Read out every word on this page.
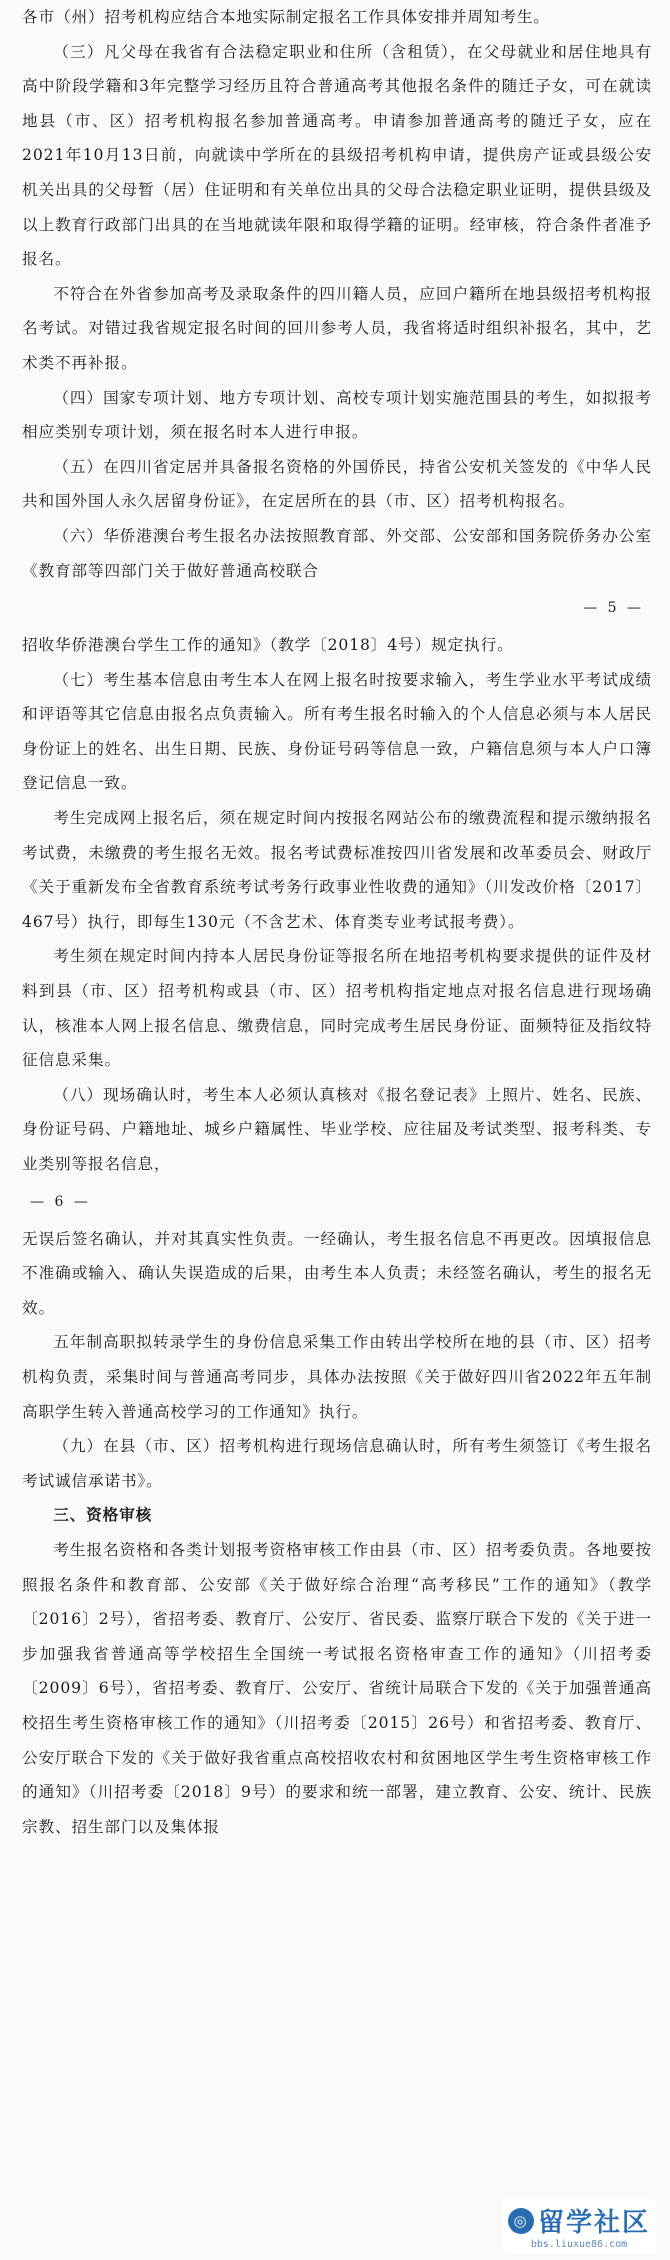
各市（州）招考机构应结合本地实际制定报名工作具体安排并周知考生。

（三）凡父母在我省有合法稳定职业和住所（含租赁），在父母就业和居住地具有高中阶段学籍和3年完整学习经历且符合普通高考其他报名条件的随迁子女，可在就读地县（市、区）招考机构报名参加普通高考。申请参加普通高考的随迁子女，应在2021年10月13日前，向就读中学所在的县级招考机构申请，提供房产证或县级公安机关出具的父母暂（居）住证明和有关单位出具的父母合法稳定职业证明，提供县级及以上教育行政部门出具的在当地就读年限和取得学籍的证明。经审核，符合条件者准予报名。

不符合在外省参加高考及录取条件的四川籍人员，应回户籍所在地县级招考机构报名考试。对错过我省规定报名时间的回川参考人员，我省将适时组织补报名，其中，艺术类不再补报。

（四）国家专项计划、地方专项计划、高校专项计划实施范围县的考生，如拟报考相应类别专项计划，须在报名时本人进行申报。

（五）在四川省定居并具备报名资格的外国侨民，持省公安机关签发的《中华人民共和国外国人永久居留身份证》，在定居所在的县（市、区）招考机构报名。

（六）华侨港澳台考生报名办法按照教育部、外交部、公安部和国务院侨务办公室《教育部等四部门关于做好普通高校联合

— 5 —

招收华侨港澳台学生工作的通知》（教学〔2018〕4号）规定执行。

（七）考生基本信息由考生本人在网上报名时按要求输入，考生学业水平考试成绩和评语等其它信息由报名点负责输入。所有考生报名时输入的个人信息必须与本人居民身份证上的姓名、出生日期、民族、身份证号码等信息一致，户籍信息须与本人户口簿登记信息一致。

考生完成网上报名后，须在规定时间内按报名网站公布的缴费流程和提示缴纳报名考试费，未缴费的考生报名无效。报名考试费标准按四川省发展和改革委员会、财政厅《关于重新发布全省教育系统考试考务行政事业性收费的通知》（川发改价格〔2017〕467号）执行，即每生130元（不含艺术、体育类专业考试报考费）。

考生须在规定时间内持本人居民身份证等报名所在地招考机构要求提供的证件及材料到县（市、区）招考机构或县（市、区）招考机构指定地点对报名信息进行现场确认，核准本人网上报名信息、缴费信息，同时完成考生居民身份证、面频特征及指纹特征信息采集。

（八）现场确认时，考生本人必须认真核对《报名登记表》上照片、姓名、民族、身份证号码、户籍地址、城乡户籍属性、毕业学校、应往届及考试类型、报考科类、专业类别等报名信息，

— 6 —

无误后签名确认，并对其真实性负责。一经确认，考生报名信息不再更改。因填报信息不准确或输入、确认失误造成的后果，由考生本人负责；未经签名确认，考生的报名无效。

五年制高职拟转录学生的身份信息采集工作由转出学校所在地的县（市、区）招考机构负责，采集时间与普通高考同步，具体办法按照《关于做好四川省2022年五年制高职学生转入普通高校学习的工作通知》执行。

（九）在县（市、区）招考机构进行现场信息确认时，所有考生须签订《考生报名考试诚信承诺书》。

三、资格审核

考生报名资格和各类计划报考资格审核工作由县（市、区）招考委负责。各地要按照报名条件和教育部、公安部《关于做好综合治理“高考移民”工作的通知》（教学〔2016〕2号），省招考委、教育厅、公安厅、省民委、监察厅联合下发的《关于进一步加强我省普通高等学校招生全国统一考试报名资格审查工作的通知》（川招考委〔2009〕6号），省招考委、教育厅、公安厅、省统计局联合下发的《关于加强普通高校招生考生资格审核工作的通知》（川招考委〔2015〕26号）和省招考委、教育厅、公安厅联合下发的《关于做好我省重点高校招收农村和贫困地区学生考生资格审核工作的通知》（川招考委〔2018〕9号）的要求和统一部署，建立教育、公安、统计、民族宗教、招生部门以及集体报

◎ 留学社区
bbs.liuxue86.com
